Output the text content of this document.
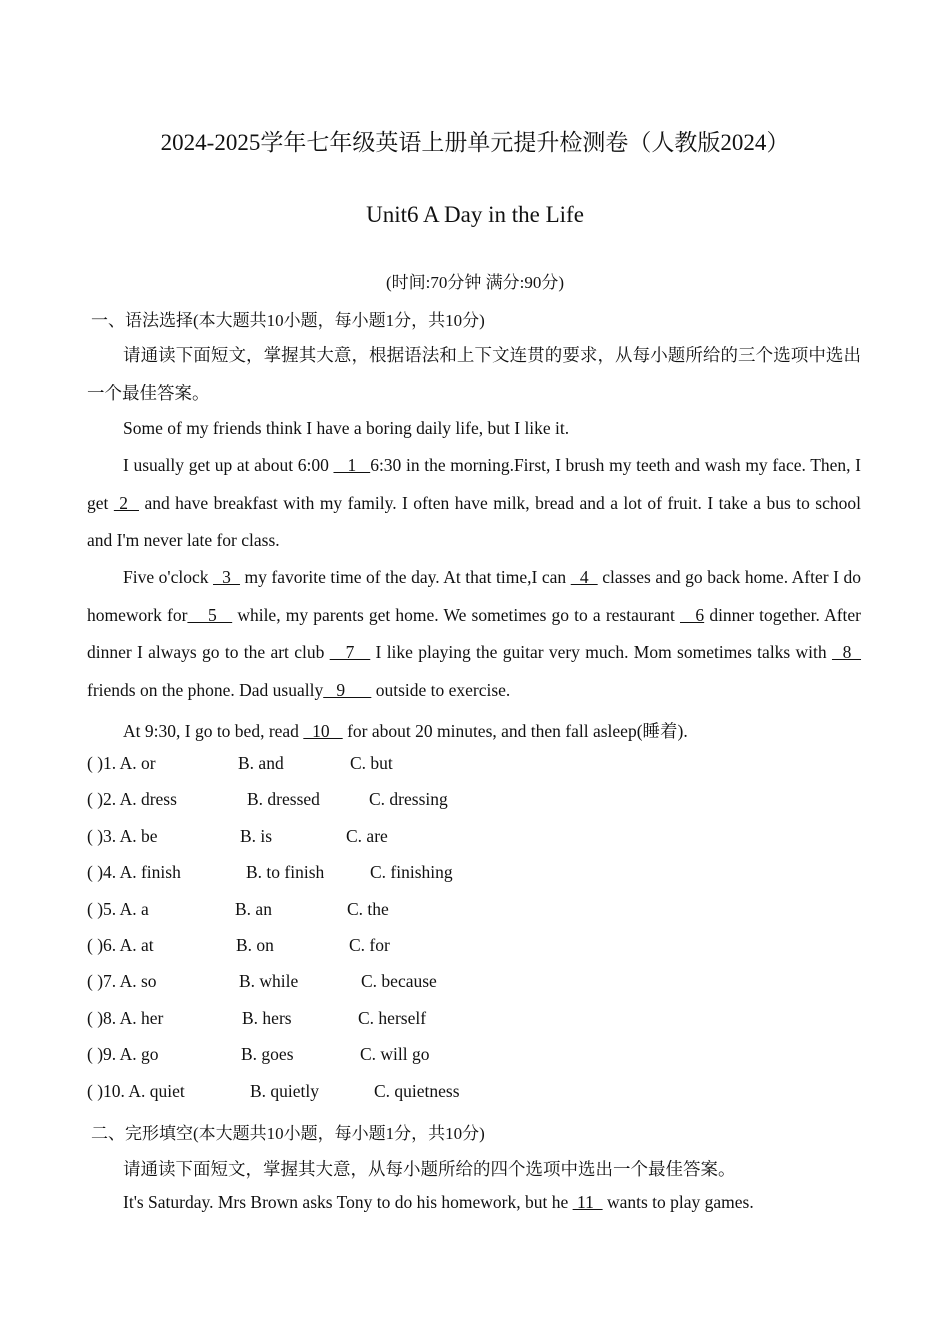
2024-2025学年七年级英语上册单元提升检测卷（人教版2024）
Unit6 A Day in the Life
(时间:70分钟 满分:90分)
一、语法选择(本大题共10小题，每小题1分，共10分)

请通读下面短文，掌握其大意，根据语法和上下文连贯的要求，从每小题所给的三个选项中选出一个最佳答案。

Some of my friends think I have a boring daily life, but I like it.

I usually get up at about 6:00    1   6:30 in the morning.First, I brush my teeth and wash my face. Then, I get  2   and have breakfast with my family. I often have milk, bread and a lot of fruit. I take a bus to school and I'm never late for class.

Five o'clock   3   my favorite time of the day. At that time,I can   4   classes and go back home. After I do homework for    5    while, my parents get home. We sometimes go to a restaurant    6 dinner together. After dinner I always go to the art club    7    I like playing the guitar very much. Mom sometimes talks with   8   friends on the phone. Dad usually   9       outside to exercise.

At 9:30, I go to bed, read   10    for about 20 minutes, and then fall asleep(睡着).
( )1. A. or	B. and	C. but
( )2. A. dress	B. dressed	C. dressing
( )3. A. be	B. is	C. are
( )4. A. finish	B. to finish	C. finishing
( )5. A. a	B. an	C. the
( )6. A. at	B. on	C. for
( )7. A. so	B. while	C. because
( )8. A. her	B. hers	C. herself
( )9. A. go	B. goes	C. will go
( )10. A. quiet	B. quietly	C. quietness
二、完形填空(本大题共10小题，每小题1分，共10分)
请通读下面短文，掌握其大意，从每小题所给的四个选项中选出一个最佳答案。
It's Saturday. Mrs Brown asks Tony to do his homework, but he  11   wants to play games.
